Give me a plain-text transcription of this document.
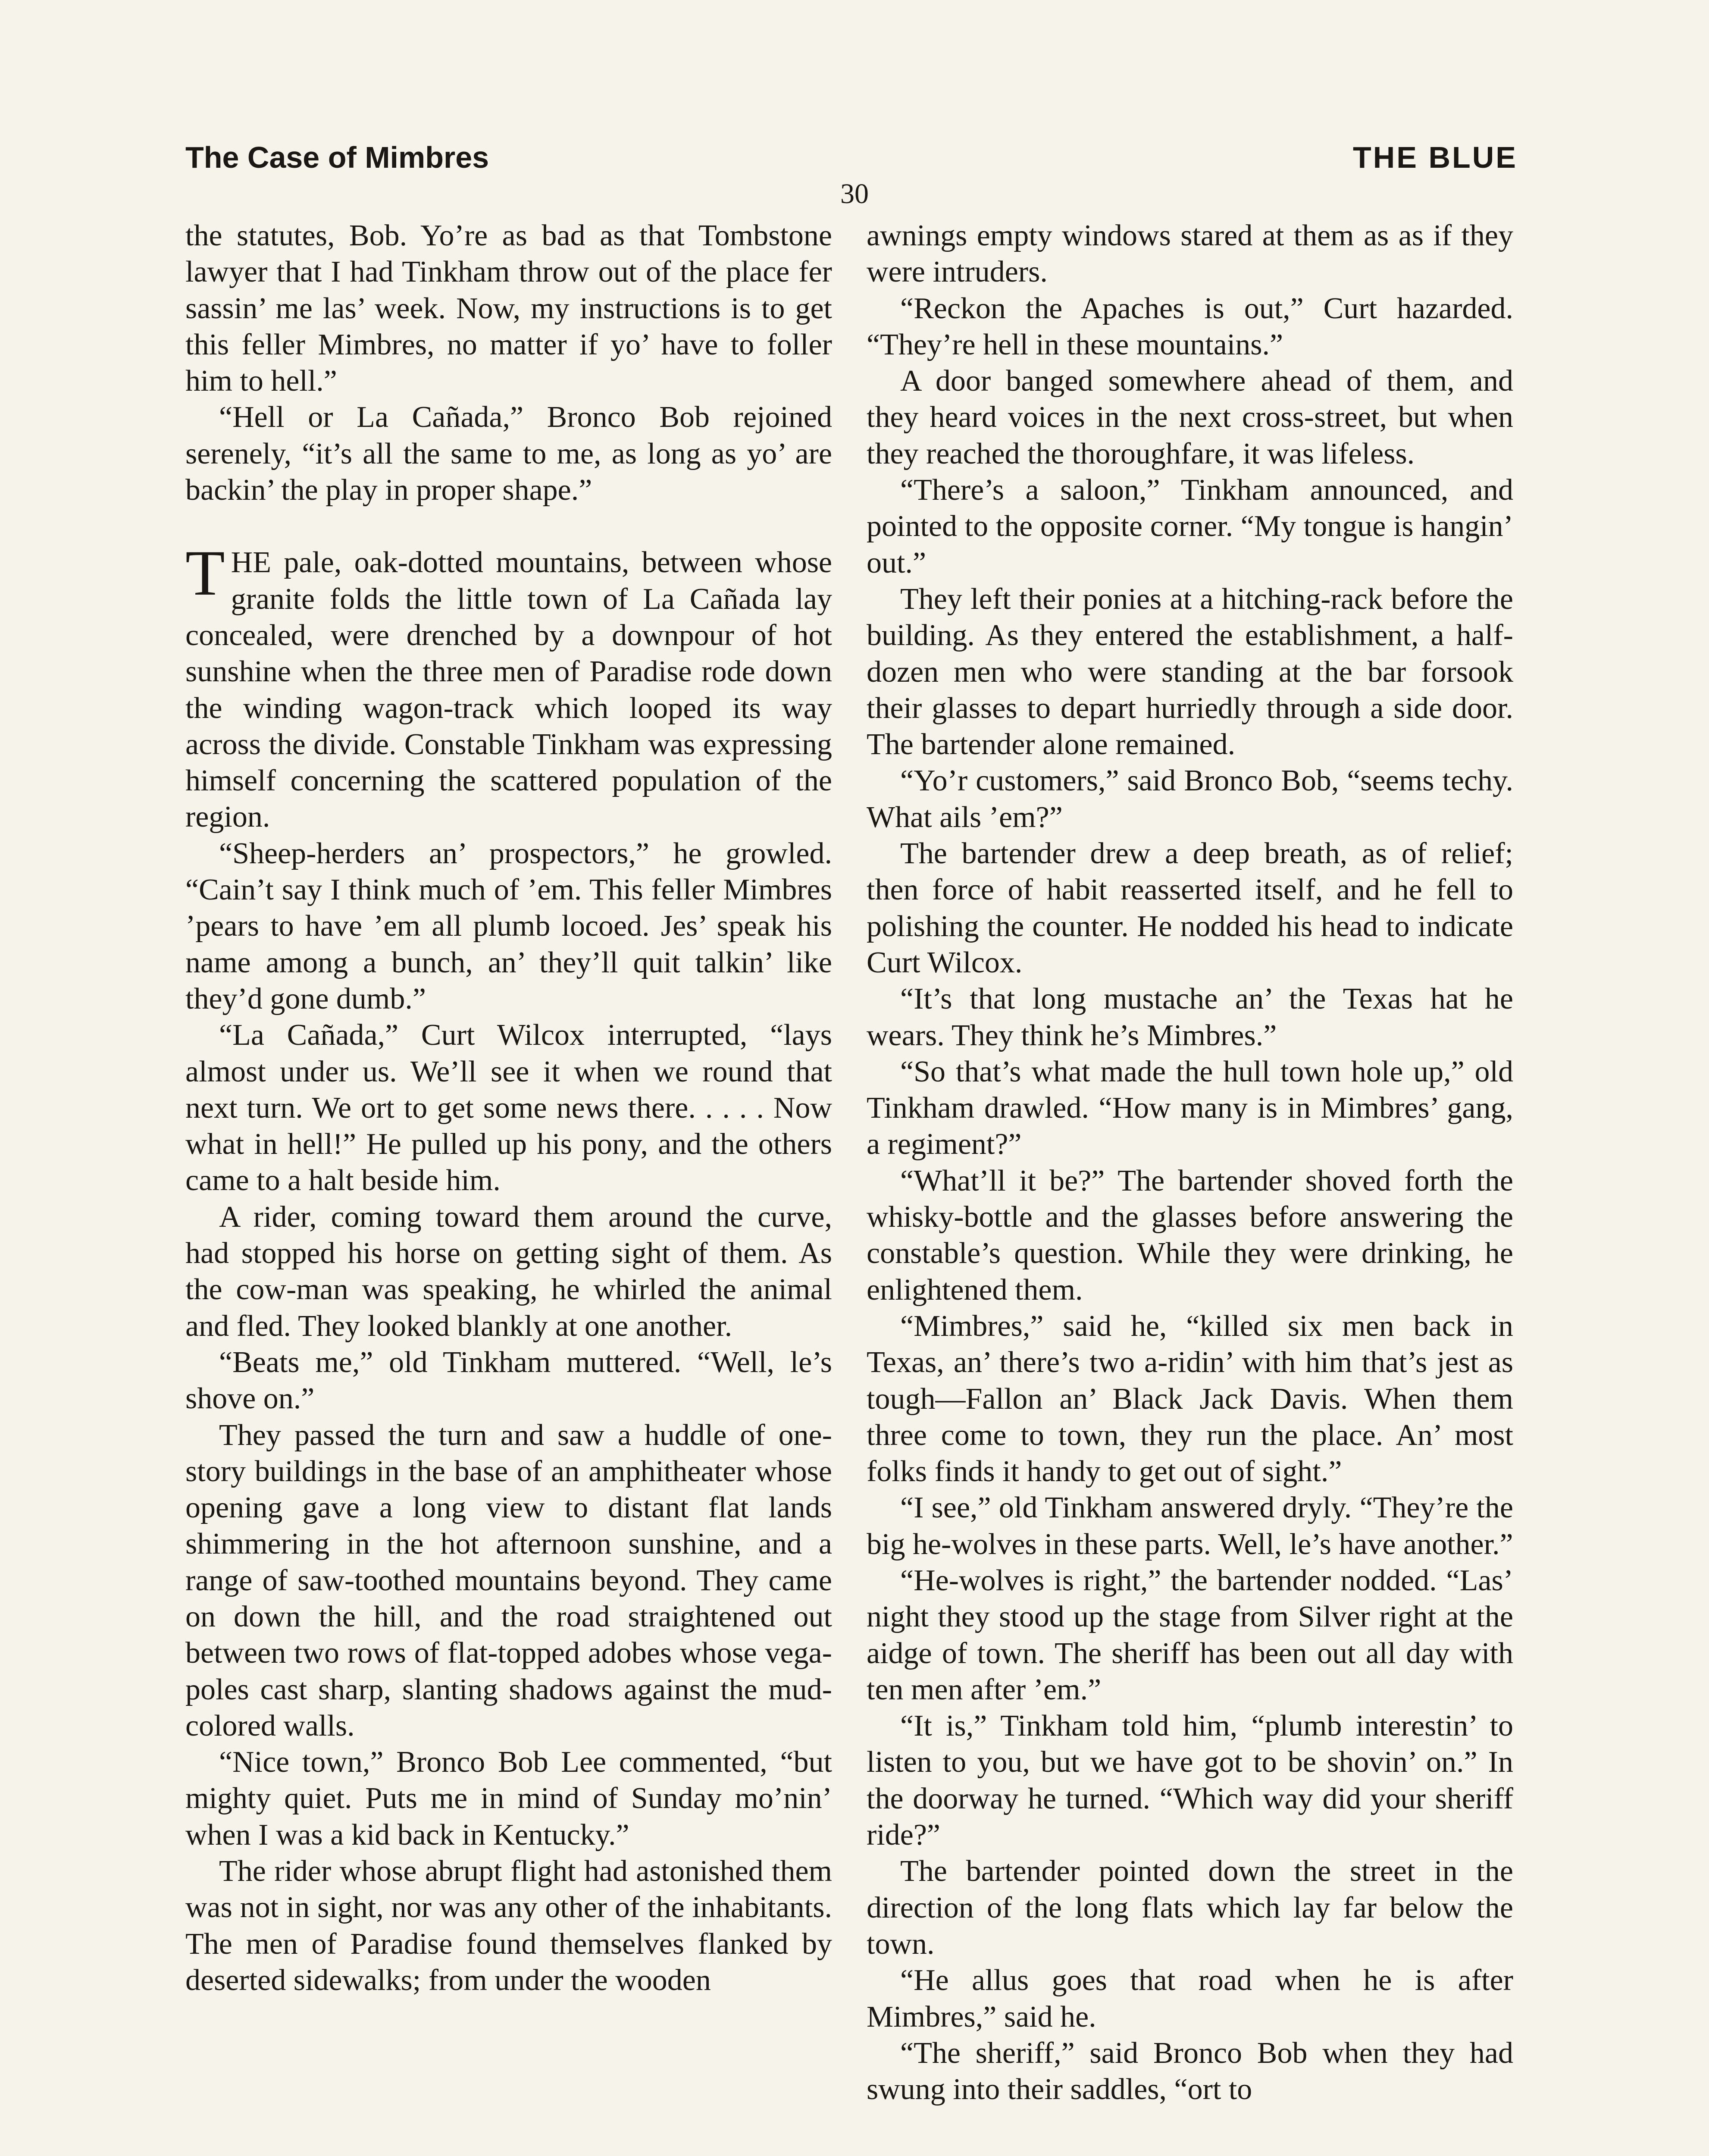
The Case of Mimbres	THE BLUE
30

the statutes, Bob. Yo’re as bad as that Tombstone lawyer that I had Tinkham throw out of the place fer sassin’ me las’ week. Now, my instructions is to get this feller Mimbres, no matter if yo’ have to foller him to hell.”

“Hell or La Cañada,” Bronco Bob rejoined serenely, “it’s all the same to me, as long as yo’ are backin’ the play in proper shape.”

THE pale, oak-dotted mountains, between whose granite folds the little town of La Cañada lay concealed, were drenched by a downpour of hot sunshine when the three men of Paradise rode down the winding wagon-track which looped its way across the divide. Constable Tinkham was expressing himself concerning the scattered population of the region.

“Sheep-herders an’ prospectors,” he growled. “Cain’t say I think much of ’em. This feller Mimbres ’pears to have ’em all plumb locoed. Jes’ speak his name among a bunch, an’ they’ll quit talkin’ like they’d gone dumb.”

“La Cañada,” Curt Wilcox interrupted, “lays almost under us. We’ll see it when we round that next turn. We ort to get some news there. . . . . Now what in hell!” He pulled up his pony, and the others came to a halt beside him.

A rider, coming toward them around the curve, had stopped his horse on getting sight of them. As the cow-man was speaking, he whirled the animal and fled. They looked blankly at one another.

“Beats me,” old Tinkham muttered. “Well, le’s shove on.”

They passed the turn and saw a huddle of one-story buildings in the base of an amphitheater whose opening gave a long view to distant flat lands shimmering in the hot afternoon sunshine, and a range of saw-toothed mountains beyond. They came on down the hill, and the road straightened out between two rows of flat-topped adobes whose vega-poles cast sharp, slanting shadows against the mud-colored walls.

“Nice town,” Bronco Bob Lee commented, “but mighty quiet. Puts me in mind of Sunday mo’nin’ when I was a kid back in Kentucky.”

The rider whose abrupt flight had astonished them was not in sight, nor was any other of the inhabitants. The men of Paradise found themselves flanked by deserted sidewalks; from under the wooden

awnings empty windows stared at them as as if they were intruders.

“Reckon the Apaches is out,” Curt hazarded. “They’re hell in these mountains.”

A door banged somewhere ahead of them, and they heard voices in the next cross-street, but when they reached the thoroughfare, it was lifeless.

“There’s a saloon,” Tinkham announced, and pointed to the opposite corner. “My tongue is hangin’ out.”

They left their ponies at a hitching-rack before the building. As they entered the establishment, a half-dozen men who were standing at the bar forsook their glasses to depart hurriedly through a side door. The bartender alone remained.

“Yo’r customers,” said Bronco Bob, “seems techy. What ails ’em?”

The bartender drew a deep breath, as of relief; then force of habit reasserted itself, and he fell to polishing the counter. He nodded his head to indicate Curt Wilcox.

“It’s that long mustache an’ the Texas hat he wears. They think he’s Mimbres.”

“So that’s what made the hull town hole up,” old Tinkham drawled. “How many is in Mimbres’ gang, a regiment?”

“What’ll it be?” The bartender shoved forth the whisky-bottle and the glasses before answering the constable’s question. While they were drinking, he enlightened them.

“Mimbres,” said he, “killed six men back in Texas, an’ there’s two a-ridin’ with him that’s jest as tough—Fallon an’ Black Jack Davis. When them three come to town, they run the place. An’ most folks finds it handy to get out of sight.”

“I see,” old Tinkham answered dryly. “They’re the big he-wolves in these parts. Well, le’s have another.”

“He-wolves is right,” the bartender nodded. “Las’ night they stood up the stage from Silver right at the aidge of town. The sheriff has been out all day with ten men after ’em.”

“It is,” Tinkham told him, “plumb interestin’ to listen to you, but we have got to be shovin’ on.” In the doorway he turned. “Which way did your sheriff ride?”

The bartender pointed down the street in the direction of the long flats which lay far below the town.

“He allus goes that road when he is after Mimbres,” said he.

“The sheriff,” said Bronco Bob when they had swung into their saddles, “ort to
